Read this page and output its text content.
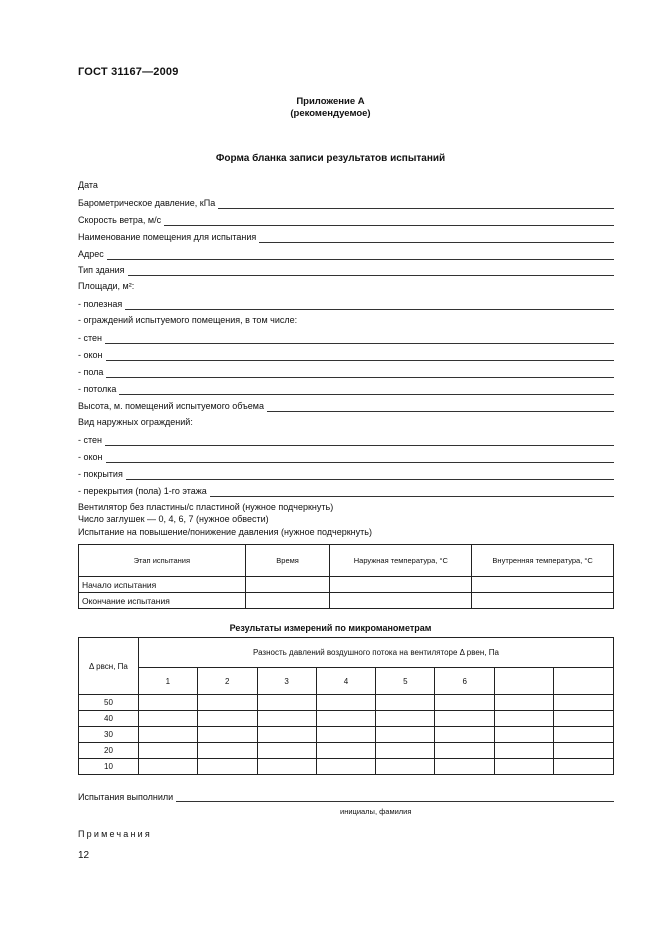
ГОСТ 31167—2009
Приложение А
(рекомендуемое)
Форма бланка записи результатов испытаний
Дата
Барометрическое давление, кПа
Скорость ветра, м/с
Наименование помещения для испытания
Адрес
Тип здания
Площади, м²:
- полезная
- ограждений испытуемого помещения, в том числе:
- стен
- окон
- пола
- потолка
Высота, м. помещений испытуемого объема
Вид наружных ограждений:
- стен
- окон
- покрытия
- перекрытия (пола) 1-го этажа
Вентилятор без пластины/с пластиной (нужное подчеркнуть)
Число заглушек — 0, 4, 6, 7 (нужное обвести)
Испытание на повышение/понижение давления (нужное подчеркнуть)
Этап испытания	Время	Наружная температура, °С	Внутренняя температура, °С
Начало испытания			
Окончание испытания			
Результаты измерений по микроманометрам
Δ pвсн, Па	Разность давлений воздушного потока на вентиляторе Δ pвен, Па							
	1	2	3	4	5	6		
50								
40								
30								
20								
10								
Испытания выполнили
инициалы, фамилия
Примечания
12
